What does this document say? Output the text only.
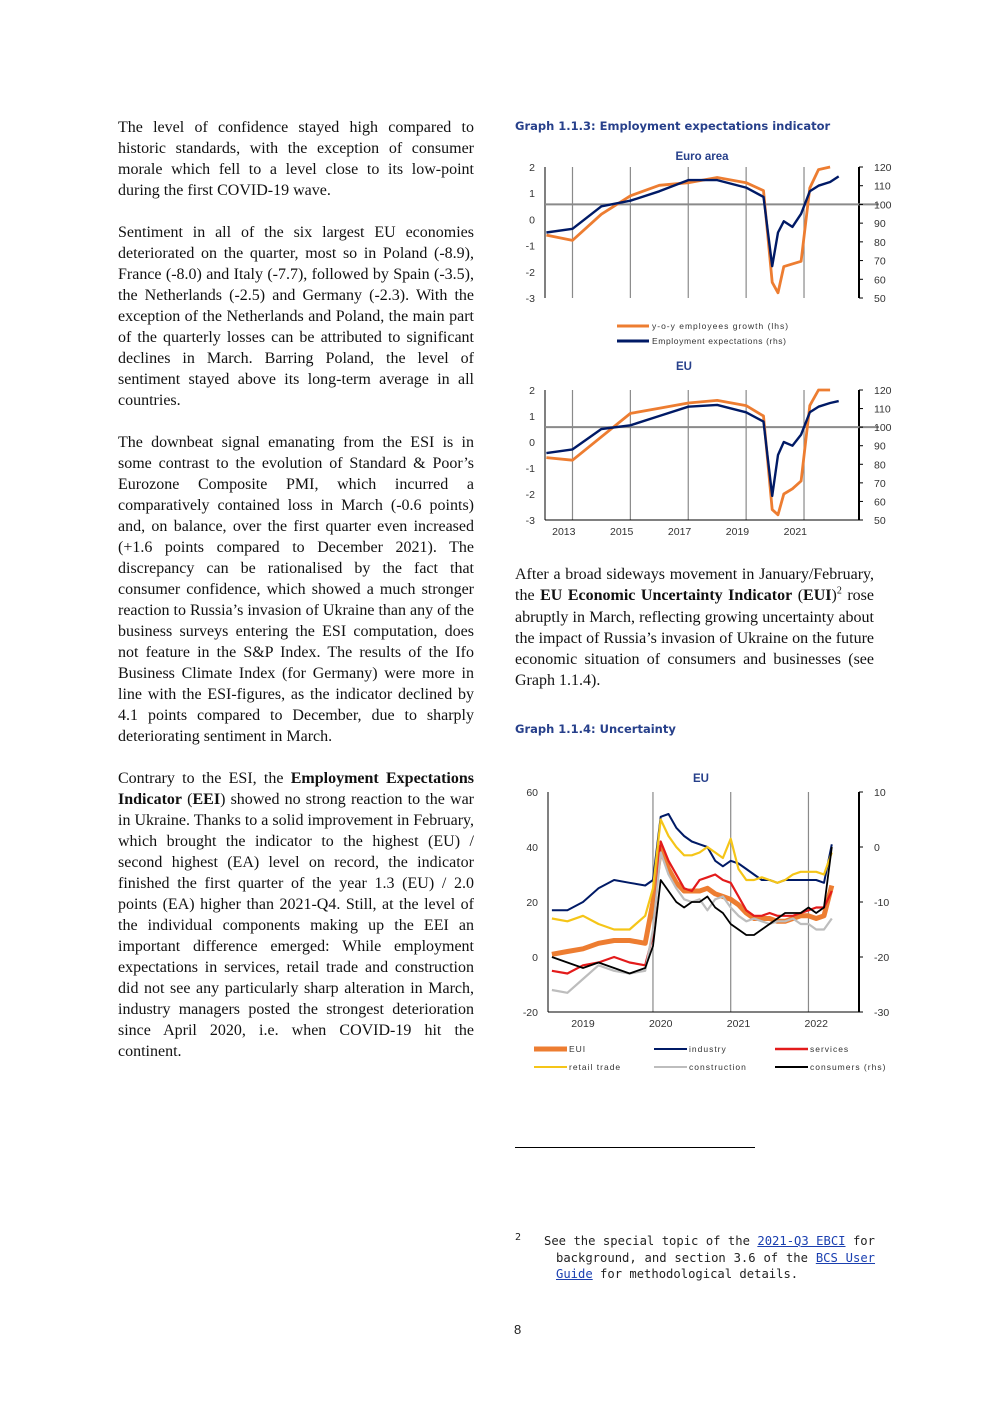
The level of confidence stayed high compared to historic standards, with the exception of consumer morale which fell to a level close to its low-point during the first COVID-19 wave.

Sentiment in all of the six largest EU economies deteriorated on the quarter, most so in Poland (-8.9), France (-8.0) and Italy (-7.7), followed by Spain (-3.5), the Netherlands (-2.5) and Germany (-2.3). With the exception of the Netherlands and Poland, the main part of the quarterly losses can be attributed to significant declines in March. Barring Poland, the level of sentiment stayed above its long-term average in all countries.

The downbeat signal emanating from the ESI is in some contrast to the evolution of Standard & Poor’s Eurozone Composite PMI, which incurred a comparatively contained loss in March (-0.6 points) and, on balance, over the first quarter even increased (+1.6 points compared to December 2021). The discrepancy can be rationalised by the fact that consumer confidence, which showed a much stronger reaction to Russia’s invasion of Ukraine than any of the business surveys entering the ESI computation, does not feature in the S&P Index. The results of the Ifo Business Climate Index (for Germany) were more in line with the ESI-figures, as the indicator declined by 4.1 points compared to December, due to sharply deteriorating sentiment in March.

Contrary to the ESI, the Employment Expectations Indicator (EEI) showed no strong reaction to the war in Ukraine. Thanks to a solid improvement in February, which brought the indicator to the highest (EU) / second highest (EA) level on record, the indicator finished the first quarter of the year 1.3 (EU) / 2.0 points (EA) higher than 2021-Q4. Still, at the level of the individual components making up the EEI an important difference emerged: While employment expectations in services, retail trade and construction did not see any particularly sharp alteration in March, industry managers posted the strongest deterioration since April 2020, i.e. when COVID-19 hit the continent.

Graph 1.1.3: Employment expectations indicator
Euro area
2
1
0
-1
-2
-3
120
110
100
90
80
70
60
50
y-o-y employees growth (lhs)
Employment expectations (rhs)
EU
2
1
0
-1
-2
-3
120
110
100
90
80
70
60
50
2013	2015	2017	2019	2021

After a broad sideways movement in January/February, the EU Economic Uncertainty Indicator (EUI)$^2$ rose abruptly in March, reflecting growing uncertainty about the impact of Russia’s invasion of Ukraine on the future economic situation of consumers and businesses (see Graph 1.1.4).

Graph 1.1.4: Uncertainty
EU
60
40
20
0
-20
10
0
-10
-20
-30
2019	2020	2021	2022
EUI	industry	services
retail trade	construction	consumers (rhs)
2 See the special topic of the 2021-Q3 EBCI for background, and section 3.6 of the BCS User Guide for methodological details.
8
